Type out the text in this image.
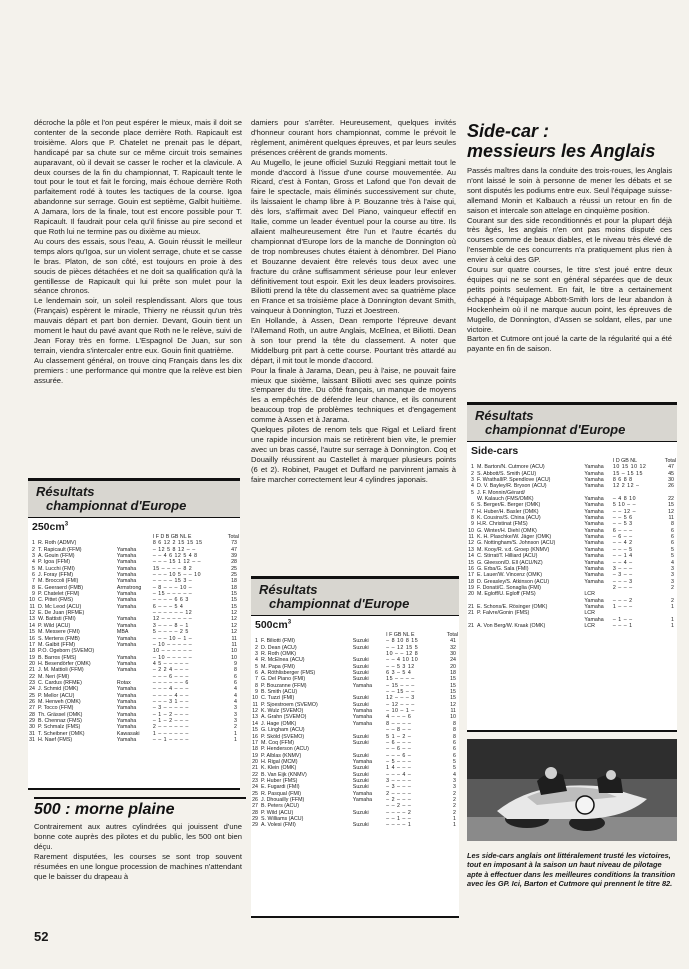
décroche la pôle et l'on peut espérer le mieux, mais il doit se contenter de la seconde place derrière Roth. Rapicault est troisième. Alors que P. Chatelet ne prenait pas le départ, handicapé par sa chute sur ce même circuit trois semaines auparavant, où il devait se casser le rocher et la clavicule. A deux courses de la fin du championnat, T. Rapicault tente le tout pour le tout et fait le forcing, mais échoue derrière Roth parfaitement rodé à toutes les tactiques de la course. Igoa abandonne sur serrage. Gouin est septième, Galbit huitième. A Jamara, lors de la finale, tout est encore possible pour T. Rapicault. Il faudrait pour cela qu'il finisse au pire second et que Roth lui ne termine pas ou dixième au mieux.

Au cours des essais, sous l'eau, A. Gouin réussit le meilleur temps alors qu'Igoa, sur un violent serrage, chute et se casse le bras. Platon, de son côté, est toujours en proie à des soucis de pièces détachées et ne doit sa qualification qu'à la gentillesse de Rapicault qui lui prête son mulet pour la séance chronos.

Le lendemain soir, un soleil resplendissant. Alors que tous (Français) espèrent le miracle, Thierry ne réussit qu'un très mauvais départ et part bon dernier. Devant, Gouin tient un moment le haut du pavé avant que Roth ne le relève, suivi de Jean Foray très en forme. L'Espagnol De Juan, sur son terrain, viendra s'intercaler entre eux. Gouin finit quatrième.

Au classement général, on trouve cinq Français dans les dix premiers : une performance qui montre que la relève est bien assurée.

damiers pour s'arrêter. Heureusement, quelques invités d'honneur courant hors championnat, comme le prévoit le règlement, animèrent quelques épreuves, et par leurs seules présences créèrent de grands moments.

Au Mugello, le jeune officiel Suzuki Reggiani mettait tout le monde d'accord à l'issue d'une course mouvementée. Au Ricard, c'est à Fontan, Gross et Lafond que l'on devait de faire le spectacle, mais éliminés successivement sur chute, ils laissaient le champ libre à P. Bouzanne très à l'aise qui, dès lors, s'affirmait avec Del Piano, vainqueur effectif en Italie, comme un leader éventuel pour la course au titre. Ils allaient malheureusement être l'un et l'autre écartés du championnat d'Europe lors de la manche de Donnington où de trop nombreuses chutes étaient à dénombrer. Del Piano et Bouzanne devaient être relevés tous deux avec une fracture du crâne suffisamment sérieuse pour leur enlever définitivement tout espoir. Exit les deux leaders provisoires. Biliotti prend la tête du classement avec sa quatrième place en France et sa troisième place à Donnington devant Smith, vainqueur à Donnington, Tuzzi et Joestreen.

En Hollande, à Assen, Dean remporte l'épreuve devant l'Allemand Roth, un autre Anglais, McElnea, et Biliotti. Dean à son tour prend la tête du classement. A noter que Middelburg prit part à cette course. Pourtant très attardé au départ, il mit tout le monde d'accord.

Pour la finale à Jarama, Dean, peu à l'aise, ne pouvait faire mieux que sixième, laissant Biliotti avec ses quinze points s'emparer du titre. Du côté français, un manque de moyens les a empêchés de défendre leur chance, et ils connurent beaucoup trop de problèmes techniques et d'engagement comme à Assen et à Jarama.

Quelques pilotes de renom tels que Rigal et Leliard firent une rapide incursion mais se retirèrent bien vite, le premier avec un bras cassé, l'autre sur serrage à Donnington. Coq et Douailly réussirent au Castellet à marquer plusieurs points (6 et 2). Robinet, Pauget et Duffard ne parvinrent jamais à faire marcher correctement leur 4 cylindres japonais.

Side-car :
messieurs les Anglais

Passés maîtres dans la conduite des trois-roues, les Anglais n'ont laissé le soin à personne de mener les débats et se sont disputés les podiums entre eux. Seul l'équipage suisse-allemand Monin et Kalbauch a réussi un retour en fin de saison et intercale son attelage en cinquième position.

Courant sur des side reconditionnés et pour la plupart déjà très âgés, les anglais n'en ont pas moins disputé ces courses comme de beaux diables, et le niveau très élevé de l'ensemble de ces concurrents n'a pratiquement plus rien à envier à celui des GP.

Couru sur quatre courses, le titre s'est joué entre deux équipes qui ne se sont en général séparées que de deux petits points seulement. En fait, le titre a certainement échappé à l'équipage Abbott-Smith lors de leur abandon à Hockenheim où il ne marque aucun point, les épreuves de Mugello, de Donnington, d'Assen se soldant, elles, par une victoire.

Barton et Cutmore ont joué la carte de la régularité qui a été payante en fin de saison.

Résultats
championnat d'Europe
$250cm^3$
			I F D B GB NL E	Total
1	R. Roth (ADMV)		8 6 12 2 15 15 15	73
2	T. Rapicault (FFM)	Yamaha	– 12 5 8 12 – –	47
3	A. Gouin (FFM)	Yamaha	– – 4 6 12 5 4 8	39
4	P. Igoa (FFM)	Yamaha	– – – 15 1 12 – –	28
5	M. Lucchi (FMI)	Yamaha	15 – – – – 8 2	25
6	J. Foray (FFM)	Yamaha	– – – 10 5 – – 10	25
7	M. Broccoli (FMI)	Yamaha	– – – – 15 3 –	18
8	E. Geeraerd (FMB)	Armstrong	– 8 – – – 10 –	18
9	P. Chatelet (FFM)	Yamaha	– 15 – – – – –	15
10	C. Pittet (FMS)	Yamaha	– – – – 6 6 3	15
11	D. Mc Leod (ACU)	Yamaha	6 – – – 5 4	15
12	E. De Juan (RFME)		– – – – – – 12	12
13	W. Battisti (FMI)	Yamaha	12 – – – – – –	12
14	P. Wild (ACU)	Yamaha	3 – – – 8 – 1	12
15	M. Messere (FMI)	MBA	5 – – – – 2 5	12
16	S. Mertens (FMB)	Yamaha	– – – 10 – 1 –	11
17	M. Galbit (FFM)	Yamaha	– 10 – – – – –	11
18	P.O. Ogeborn (SVEMO)		10 – – – – – –	10
19	B. Barros (FMS)	Yamaha	– 10 – – – – –	10
20	H. Besendörfer (OMK)	Yamaha	4 5 – – – – –	9
21	J. M. Mattioli (FFM)	Yamaha	– 2 2 4 – – –	8
22	M. Neri (FMI)		– – – 6 – – –	6
23	C. Cardus (RFME)	Rotax	– – – – – – 6	6
24	J. Schmid (OMK)	Yamaha	– – – 4 – – –	4
25	P. Mellor (ACU)	Yamaha	– – – – 4 – –	4
26	M. Herweh (OMK)	Yamaha	– – – 3 1 – –	4
27	P. Tocco (FFM)	Yamaha	– 3 – – – – –	3
28	Th. Grässel (OMK)	Yamaha	– 1 – 2 – – –	3
29	B. Chennaz (FMS)	Yamaha	– 1 – 2 – – –	3
30	P. Schmalz (FMS)	Yamaha	2 – – – – – –	2
31	T. Scheibner (OMK)	Kawasaki	1 – – – – – –	1
31	H. Naef (FMS)	Yamaha	– – 1 – – – –	1
500 : morne plaine

Contrairement aux autres cylindrées qui jouissent d'une bonne cote auprès des pilotes et du public, les 500 ont bien déçu.

Rarement disputées, les courses se sont trop souvent résumées en une longue procession de machines n'attendant que le baisser du drapeau à

Résultats
championnat d'Europe
$500cm^3$
			I F GB NL E	Total
1	F. Biliotti (FMI)	Suzuki	– 8 10 8 15	41
2	D. Dean (ACU)	Suzuki	– – 12 15 5	32
3	R. Roth (OMK)		10 – – 12 8	30
4	R. McElnea (ACU)	Suzuki	– – 4 10 10	24
5	M. Papa (FMI)	Suzuki	– – 5 3 12	20
6	A. Röthlisberger (FMS)	Suzuki	6 3 – 5 4	18
7	G. Del Piano (FMI)	Suzuki	15 – – – –	15
8	P. Bouzanne (FFM)	Yamaha	– 15 – – –	15
9	B. Smith (ACU)		– – 15 – –	15
10	C. Tuzzi (FMI)	Suzuki	12 – – – 3	15
11	P. Sjoestroem (SVEMO)	Suzuki	– 12 – – –	12
12	K. Wulz (SVEMO)	Yamaha	– 10 – 1 –	11
13	A. Grahn (SVEMO)	Yamaha	4 – – – 6	10
14	J. Hage (OMK)	Yamaha	8 – – – –	8
15	G. Lingham (ACU)		– – 8 – –	8
16	P. Sköld (SVEMO)	Suzuki	5 1 – 2 –	8
17	M. Coq (FFM)	Suzuki	– 6 – – –	6
18	P. Henderson (ACU)		– – 6 – –	6
19	P. Alblas (KNMV)	Suzuki	– – – 6 –	6
20	H. Rigal (MCM)	Yamaha	– 5 – – –	5
21	K. Klein (OMK)	Suzuki	1 4 – – –	5
22	B. Van Eijk (KNMV)	Suzuki	– – – 4 –	4
23	P. Huber (FMS)	Suzuki	3 – – – –	3
24	E. Fugardi (FMI)	Suzuki	– 3 – – –	3
25	R. Pasqual (FMI)	Yamaha	2 – – – –	2
26	J. Dhouailly (FFM)	Yamaha	– 2 – – –	2
27	B. Peters (ACU)		– – 2 – –	2
28	P. Wild (ACU)	Suzuki	– – – – 2	2
29	S. Williams (ACU)		– – 1 – –	1
29	A. Volesi (FMI)	Suzuki	– – – – 1	1
Résultats
championnat d'Europe
Side-cars
			I D GB NL	Total
1	M. Barton/N. Cutmore (ACU)	Yamaha	10 15 10 12	47
2	S. Abbott/S. Smith (ACU)	Yamaha	15 – 15 15	45
3	F. Wrathall/P. Spendlove (ACU)	Yamaha	8 6 8 8	30
4	D. V. Bayley/R. Bryson (ACU)	Yamaha	12 2 12 –	26
5	J. F. Monnin/Gérard/			
	W. Kalauch (FMS/OMK)	Yamaha	– 4 8 10	22
6	S. Berger/E. Berger (OMK)	Yamaha	5 10 – –	15
7	H. Huber/H. Basler (OMK)	Yamaha	– – 12 –	12
8	K. Cousins/S. China (ACU)	Yamaha	– – 5 6	11
9	H.R. Christinat (FMS)	Yamaha	– – 5 3	8
10	G. Winter/H. Diehl (OMK)	Yamaha	6 – – –	6
11	K. H. Plaschke/W. Jäger (OMK)	Yamaha	– 6 – –	6
12	G. Nottingham/S. Johnson (ACU)	Yamaha	– – 4 2	6
13	M. Kooy/R. v.d. Groep (KNMV)	Yamaha	– – – 5	5
14	C. Stirrat/T. Hilliard (ACU)	Yamaha	– – 1 4	5
15	G. Gleeson/D. Ell (ACU/NZ)	Yamaha	– – 4 –	4
16	G. Erba/G. Sala (FMI)	Yamaha	3 – – –	3
17	E. Lauer/W. Vincenz (OMK)	Yamaha	– 3 – –	3
18	D. Greasley/S. Atkinson (ACU)	Yamaha	– – – 3	3
19	F. Donati/C. Sonaglia (FMI)		2 – – –	2
20	M. Egloff/U. Egloff (FMS)	LCR		
		Yamaha	– – – 2	2
21	E. Schons/E. Rösinger (OMK)	Yamaha	1 – – –	1
21	P. Falvre/Gonin (FMS)	LCR		
		Yamaha	– 1 – –	1
21	A. Von Berg/W. Kraak (OMK)	LCR	– – – 1	1
Les side-cars anglais ont littéralement trusté les victoires, tout en imposant à la saison un haut niveau de pilotage apte à effectuer dans les meilleures conditions la transition avec les GP. Ici, Barton et Cutmore qui prennent le titre 82.
52
